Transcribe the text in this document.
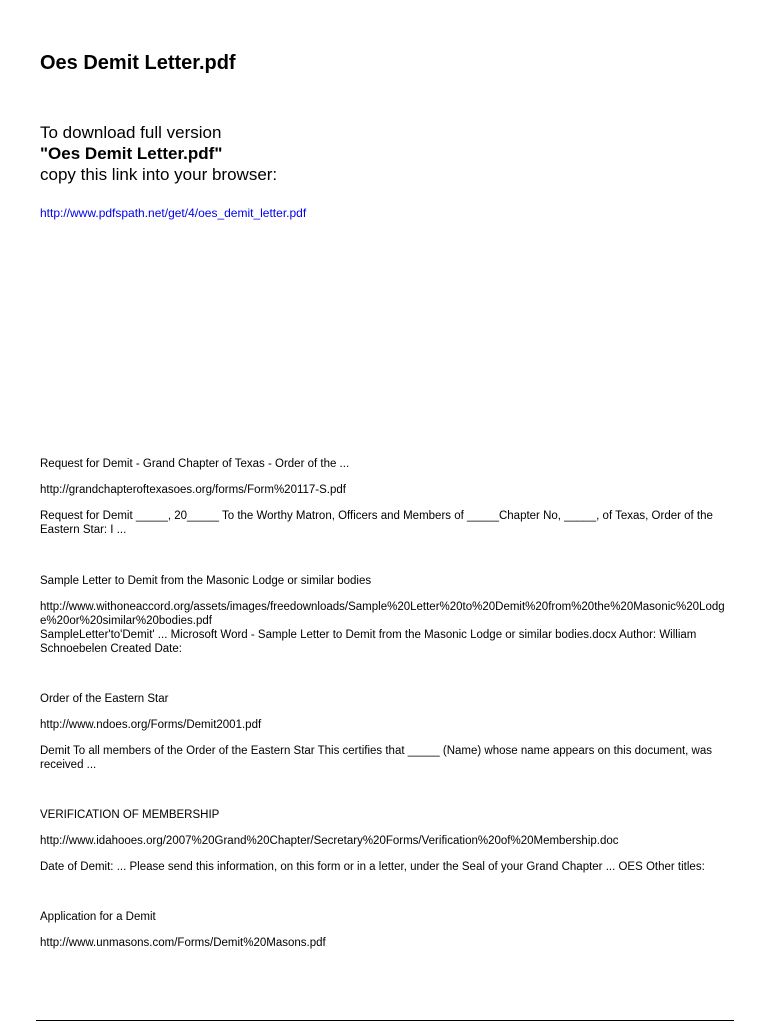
Oes Demit Letter.pdf
To download full version
"Oes Demit Letter.pdf"
copy this link into your browser:
http://www.pdfspath.net/get/4/oes_demit_letter.pdf

Request for Demit - Grand Chapter of Texas - Order of the ...

http://grandchapteroftexasoes.org/forms/Form%20117-S.pdf

Request for Demit _____, 20_____ To the Worthy Matron, Officers and Members of _____Chapter No, _____, of Texas, Order of the Eastern Star: I ...

Sample Letter to Demit from the Masonic Lodge or similar bodies

http://www.withoneaccord.org/assets/images/freedownloads/Sample%20Letter%20to%20Demit%20from%20the%20Masonic%20Lodge%20or%20similar%20bodies.pdf

SampleLetter'to'Demit' ... Microsoft Word - Sample Letter to Demit from the Masonic Lodge or similar bodies.docx Author: William Schnoebelen Created Date:

Order of the Eastern Star

http://www.ndoes.org/Forms/Demit2001.pdf

Demit To all members of the Order of the Eastern Star This certifies that _____ (Name) whose name appears on this document, was received ...

VERIFICATION OF MEMBERSHIP

http://www.idahooes.org/2007%20Grand%20Chapter/Secretary%20Forms/Verification%20of%20Membership.doc

Date of Demit: ... Please send this information, on this form or in a letter, under the Seal of your Grand Chapter ... OES Other titles:

Application for a Demit

http://www.unmasons.com/Forms/Demit%20Masons.pdf
